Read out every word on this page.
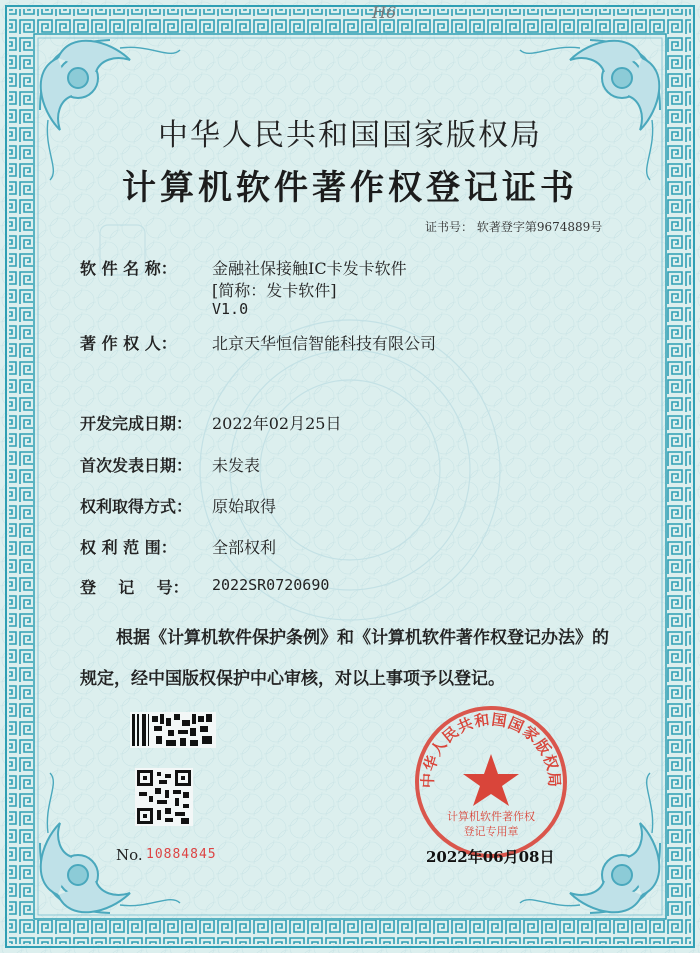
H6
中华人民共和国国家版权局
计算机软件著作权登记证书
证书号： 软著登字第9674889号
软 件 名 称： 金融社保接触IC卡发卡软件
[简称：发卡软件]
V1.0
著 作 权 人： 北京天华恒信智能科技有限公司
开发完成日期： 2022年02月25日
首次发表日期： 未发表
权利取得方式： 原始取得
权 利 范 围： 全部权利
登    记    号： 2022SR0720690
根据《计算机软件保护条例》和《计算机软件著作权登记办法》的
规定，经中国版权保护中心审核，对以上事项予以登记。
No. 10884845
中华人民共和国国家版权局
计算机软件著作权
登记专用章
2022年06月08日
